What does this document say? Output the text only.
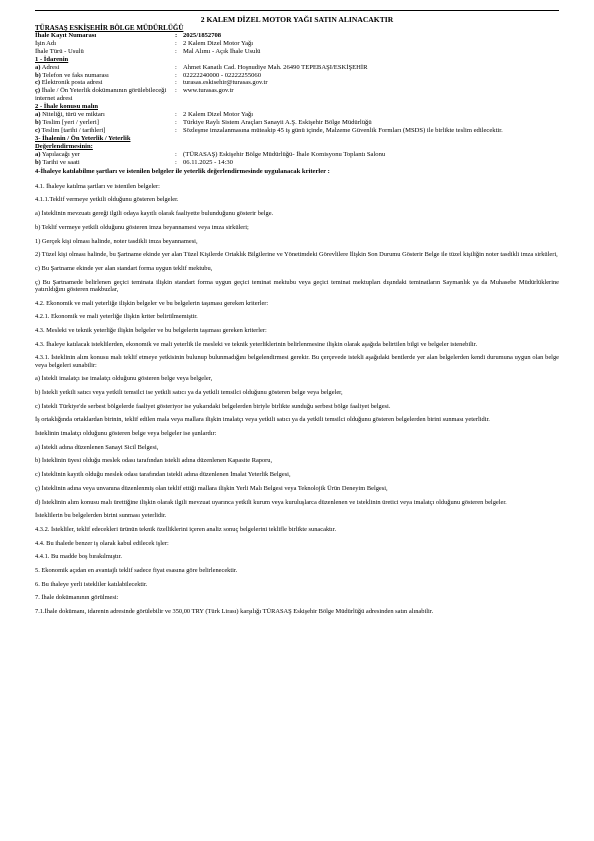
2 KALEM DİZEL MOTOR YAĞI SATIN ALINACAKTIR
TÜRASAŞ ESKİŞEHİR BÖLGE MÜDÜRLÜĞÜ
İhale Kayıt Numarası	: 2025/1852708
İşin Adı	: 2 Kalem Dizel Motor Yağı
İhale Türü - Usulü	: Mal Alımı - Açık İhale Usulü
1 - İdarenin
a) Adresi	: Ahmet Kanatlı Cad. Hoşnudiye Mah. 26490 TEPEBAŞI/ESKİŞEHİR
b) Telefon ve faks numarası	: 02222240000 - 02222255060
c) Elektronik posta adresi	: turasas.eskisehir@turasas.gov.tr
ç) İhale / Ön Yeterlik dokümanının görülebileceği internet adresi
: www.turasas.gov.tr
2 - İhale konusu malın
a) Niteliği, türü ve miktarı	: 2 Kalem Dizel Motor Yağı
b) Teslim [yeri / yerleri]	: Türkiye Raylı Sistem Araçları Sanayii A.Ş. Eskişehir Bölge Müdürlüğü
c) Teslim [tarihi / tarihleri]	: Sözleşme imzalanmasına müteakip 45 iş günü içinde, Malzeme Güvenlik Formları (MSDS) ile birlikte teslim edilecektir.
3- İhalenin / Ön Yeterlik / Yeterlik Değerlendirmesinin:
a) Yapılacağı yer	: (TÜRASAŞ) Eskişehir Bölge Müdürlüğü- İhale Komisyonu Toplantı Salonu
b) Tarihi ve saati	: 06.11.2025 - 14:30
4-İhaleye katılabilme şartları ve istenilen belgeler ile yeterlik değerlendirmesinde uygulanacak kriterler :
4.1. İhaleye katılma şartları ve istenilen belgeler:
4.1.1.Teklif vermeye yetkili olduğunu gösteren belgeler.
a) İsteklinin mevzuatı gereği ilgili odaya kayıtlı olarak faaliyette bulunduğunu gösterir belge.
b) Teklif vermeye yetkili olduğunu gösteren imza beyannamesi veya imza sirküleri;
1) Gerçek kişi olması halinde, noter tasdikli imza beyannamesi,
2) Tüzel kişi olması halinde, bu Şartname ekinde yer alan Tüzel Kişilerde Ortaklık Bilgilerine ve Yönetimdeki Görevlilere İlişkin Son Durumu Gösterir Belge ile tüzel kişiliğin noter tasdikli imza sirküleri,
c) Bu Şartname ekinde yer alan standart forma uygun teklif mektubu,
ç) Bu Şartnamede belirlenen geçici teminata ilişkin standart forma uygun geçici teminat mektubu veya geçici teminat mektupları dışındaki teminatların Saymanlık ya da Muhasebe Müdürlüklerine yatırıldığını gösteren makbuzlar,
4.2. Ekonomik ve mali yeterliğe ilişkin belgeler ve bu belgelerin taşıması gereken kriterler:
4.2.1. Ekonomik ve mali yeterliğe ilişkin kriter belirtilmemiştir.
4.3. Mesleki ve teknik yeterliğe ilişkin belgeler ve bu belgelerin taşıması gereken kriterler:
4.3. İhaleye katılacak isteklilerden, ekonomik ve mali yeterlik ile mesleki ve teknik yeterliklerinin belirlenmesine ilişkin olarak aşağıda belirtilen bilgi ve belgeler istenebilir.
4.3.1. İsteklinin alım konusu malı teklif etmeye yetkisinin bulunup bulunmadığını belgelendirmesi gerekir. Bu çerçevede istekli aşağıdaki bentlerde yer alan belgelerden kendi durumuna uygun olan belge veya belgeleri sunabilir:
a) İstekli imalatçı ise imalatçı olduğunu gösteren belge veya belgeler,
b) İstekli yetkili satıcı veya yetkili temsilci ise yetkili satıcı ya da yetkili temsilci olduğunu gösteren belge veya belgeler,
c) İstekli Türkiye'de serbest bölgelerde faaliyet gösteriyor ise yukarıdaki belgelerden biriyle birlikte sunduğu serbest bölge faaliyet belgesi.
İş ortaklığında ortaklardan birinin, teklif edilen mala veya mallara ilişkin imalatçı veya yetkili satıcı ya da yetkili temsilci olduğunu gösteren belgelerden birini sunması yeterlidir.
İsteklinin imalatçı olduğunu gösteren belge veya belgeler ise şunlardır:
a) İstekli adına düzenlenen Sanayi Sicil Belgesi,
b) İsteklinin üyesi olduğu meslek odası tarafından istekli adına düzenlenen Kapasite Raporu,
c) İsteklinin kayıtlı olduğu meslek odası tarafından istekli adına düzenlenen İmalat Yeterlik Belgesi,
ç) İsteklinin adına veya unvanına düzenlenmiş olan teklif ettiği mallara ilişkin Yerli Malı Belgesi veya Teknolojik Ürün Deneyim Belgesi,
d) İsteklinin alım konusu malı ürettiğine ilişkin olarak ilgili mevzuat uyarınca yetkili kurum veya kuruluşlarca düzenlenen ve isteklinin üretici veya imalatçı olduğunu gösteren belgeler.
İsteklilerin bu belgelerden birini sunması yeterlidir.
4.3.2. İstekliler, teklif edecekleri ürünün teknik özelliklerini içeren analiz sonuç belgelerini teklifle birlikte sunacaktır.
4.4. Bu ihalede benzer iş olarak kabul edilecek işler:
4.4.1. Bu madde boş bırakılmıştır.
5. Ekonomik açıdan en avantajlı teklif sadece fiyat esasına göre belirlenecektir.
6. Bu ihaleye yerli istekliler katılabilecektir.
7. İhale dokümanının görülmesi:
7.1.İhale dokümanı, idarenin adresinde görülebilir ve 350,00 TRY (Türk Lirası) karşılığı TÜRASAŞ Eskişehir Bölge Müdürlüğü adresinden satın alınabilir.
